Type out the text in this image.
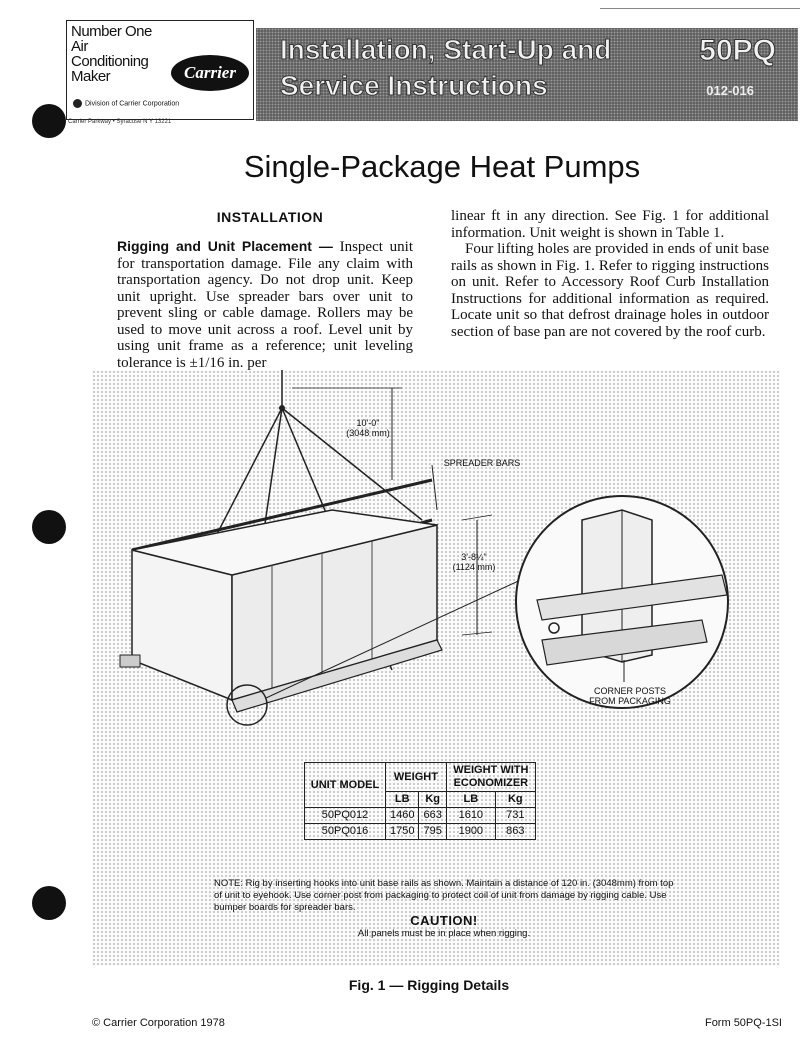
Number One Air Conditioning Maker	Carrier
Division of Carrier Corporation
Carrier Parkway • Syracuse N Y 13221
Installation, Start-Up and Service Instructions
50PQ
012-016
Single-Package Heat Pumps
INSTALLATION

Rigging and Unit Placement — Inspect unit for transportation damage. File any claim with transportation agency. Do not drop unit. Keep unit upright. Use spreader bars over unit to prevent sling or cable damage. Rollers may be used to move unit across a roof. Level unit by using unit frame as a reference; unit leveling tolerance is ±1/16 in. per

linear ft in any direction. See Fig. 1 for additional information. Unit weight is shown in Table 1.

Four lifting holes are provided in ends of unit base rails as shown in Fig. 1. Refer to rigging instructions on unit. Refer to Accessory Roof Curb Installation Instructions for additional information as required. Locate unit so that defrost drainage holes in outdoor section of base pan are not covered by the roof curb.

10'-0"
(3048 mm)
SPREADER BARS
3'-8¼"
(1124 mm)
CORNER POSTS FROM PACKAGING
UNIT MODEL	WEIGHT		WEIGHT WITH ECONOMIZER	
	LB	Kg	LB	Kg
50PQ012	1460	663	1610	731
50PQ016	1750	795	1900	863
NOTE: Rig by inserting hooks into unit base rails as shown. Maintain a distance of 120 in. (3048mm) from top of unit to eyehook. Use corner post from packaging to protect coil of unit from damage by rigging cable. Use bumper boards for spreader bars.
CAUTION!
All panels must be in place when rigging.
Fig. 1 — Rigging Details
© Carrier Corporation 1978	Form 50PQ-1SI
